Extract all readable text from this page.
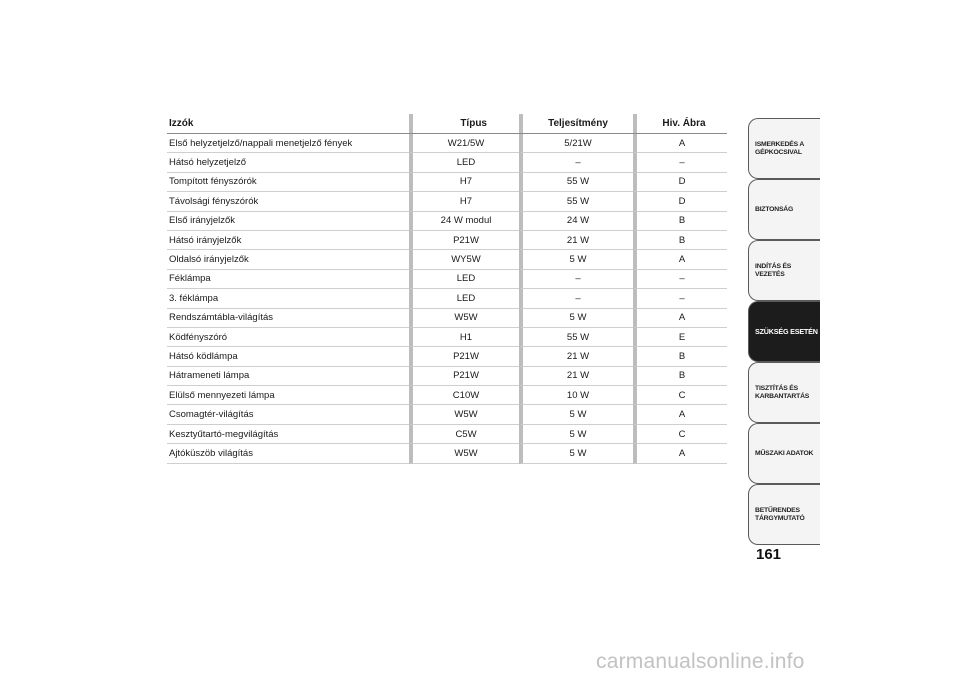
Izzók	Típus	Teljesítmény	Hiv. Ábra
Első helyzetjelző/nappali menetjelző fények	W21/5W	5/21W	A
Hátsó helyzetjelző	LED	–	–
Tompított fényszórók	H7	55 W	D
Távolsági fényszórók	H7	55 W	D
Első irányjelzők	24 W modul	24 W	B
Hátsó irányjelzők	P21W	21 W	B
Oldalsó irányjelzők	WY5W	5 W	A
Féklámpa	LED	–	–
3. féklámpa	LED	–	–
Rendszámtábla-világítás	W5W	5 W	A
Ködfényszóró	H1	55 W	E
Hátsó ködlámpa	P21W	21 W	B
Hátrameneti lámpa	P21W	21 W	B
Elülső mennyezeti lámpa	C10W	10 W	C
Csomagtér-világítás	W5W	5 W	A
Kesztyűtartó-megvilágítás	C5W	5 W	C
Ajtóküszöb világítás	W5W	5 W	A
ISMERKEDÉS A GÉPKOCSIVAL
BIZTONSÁG
INDÍTÁS ÉS VEZETÉS
SZÜKSÉG ESETÉN
TISZTÍTÁS ÉS KARBANTARTÁS
MŰSZAKI ADATOK
BETŰRENDES TÁRGYMUTATÓ
161
carmanualsonline.info
